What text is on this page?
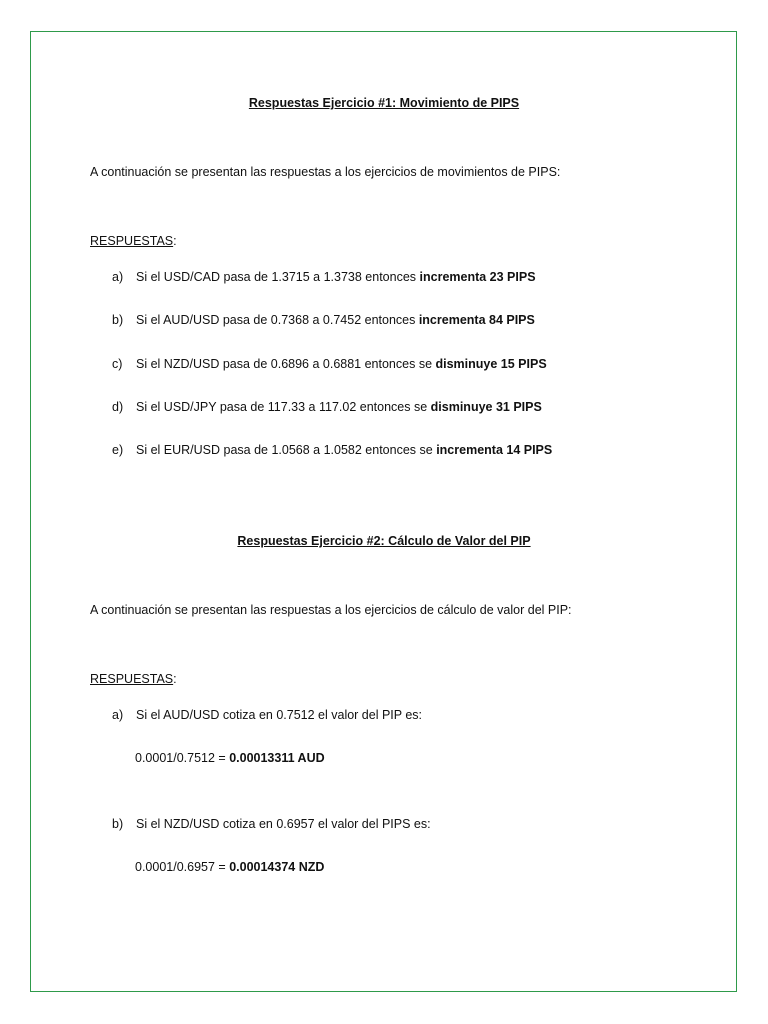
Respuestas Ejercicio #1: Movimiento de PIPS
A continuación se presentan las respuestas a los ejercicios de movimientos de PIPS:
RESPUESTAS:
a) Si el USD/CAD pasa de 1.3715 a 1.3738 entonces incrementa 23 PIPS
b) Si el AUD/USD pasa de 0.7368 a 0.7452 entonces incrementa 84 PIPS
c) Si el NZD/USD pasa de 0.6896 a 0.6881 entonces se disminuye 15 PIPS
d) Si el USD/JPY pasa de 117.33 a 117.02 entonces se disminuye 31 PIPS
e) Si el EUR/USD pasa de 1.0568 a 1.0582 entonces se incrementa 14 PIPS
Respuestas Ejercicio #2: Cálculo de Valor del PIP
A continuación se presentan las respuestas a los ejercicios de cálculo de valor del PIP:
RESPUESTAS:
a) Si el AUD/USD cotiza en 0.7512 el valor del PIP es:
0.0001/0.7512 = 0.00013311 AUD
b) Si el NZD/USD cotiza en 0.6957 el valor del PIPS es:
0.0001/0.6957 = 0.00014374 NZD
